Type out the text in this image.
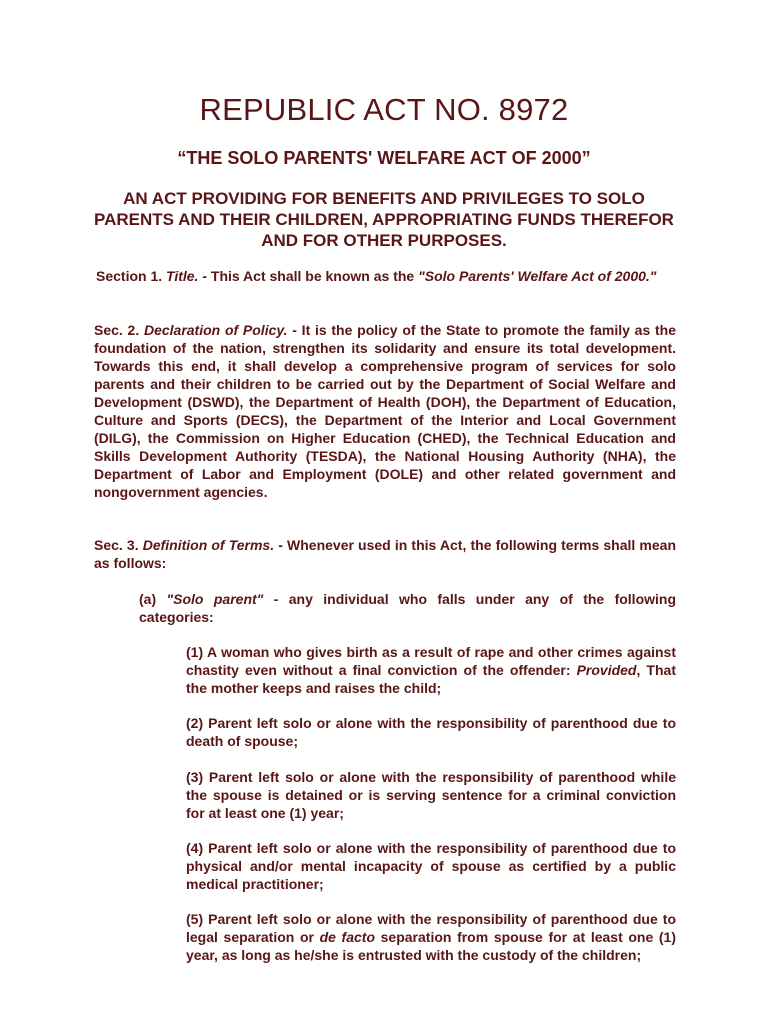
REPUBLIC ACT NO. 8972
“THE SOLO PARENTS' WELFARE ACT OF 2000”
AN ACT PROVIDING FOR BENEFITS AND PRIVILEGES TO SOLO PARENTS AND THEIR CHILDREN, APPROPRIATING FUNDS THEREFOR AND FOR OTHER PURPOSES.

Section 1. Title. - This Act shall be known as the "Solo Parents' Welfare Act of 2000."

Sec. 2. Declaration of Policy. - It is the policy of the State to promote the family as the foundation of the nation, strengthen its solidarity and ensure its total development. Towards this end, it shall develop a comprehensive program of services for solo parents and their children to be carried out by the Department of Social Welfare and Development (DSWD), the Department of Health (DOH), the Department of Education, Culture and Sports (DECS), the Department of the Interior and Local Government (DILG), the Commission on Higher Education (CHED), the Technical Education and Skills Development Authority (TESDA), the National Housing Authority (NHA), the Department of Labor and Employment (DOLE) and other related government and nongovernment agencies.

Sec. 3. Definition of Terms. - Whenever used in this Act, the following terms shall mean as follows:

(a) "Solo parent" - any individual who falls under any of the following categories:

(1) A woman who gives birth as a result of rape and other crimes against chastity even without a final conviction of the offender: Provided, That the mother keeps and raises the child;

(2) Parent left solo or alone with the responsibility of parenthood due to death of spouse;

(3) Parent left solo or alone with the responsibility of parenthood while the spouse is detained or is serving sentence for a criminal conviction for at least one (1) year;

(4) Parent left solo or alone with the responsibility of parenthood due to physical and/or mental incapacity of spouse as certified by a public medical practitioner;

(5) Parent left solo or alone with the responsibility of parenthood due to legal separation or de facto separation from spouse for at least one (1) year, as long as he/she is entrusted with the custody of the children;
